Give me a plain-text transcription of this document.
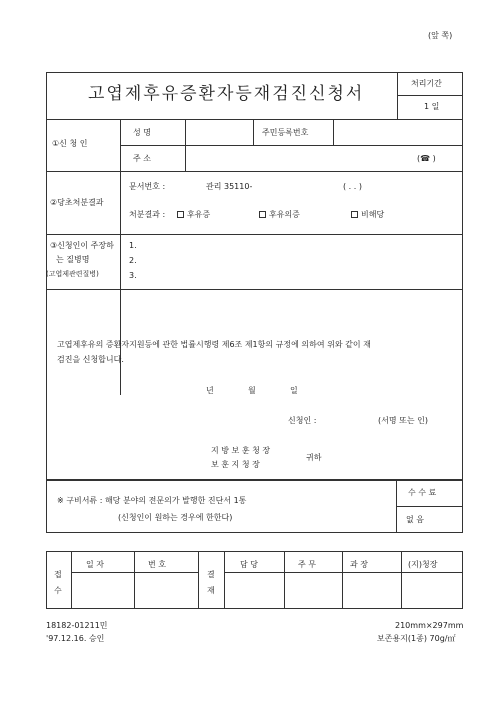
(앞 쪽)
고엽제후유증환자등재검진신청서
처리기간
1 일
①신 청 인
성 명	주민등록번호
주 소	(☎ )
②당초처분결과
문서번호 :	관리 35110-	( . . )
처분결과 :	후유증	후유의증	비해당
③신청인이 주장하
는 질병명
(고엽제관련질병)
1.
2.
3.
고엽제후유의 증환자지원등에 관한 법률시행령 제6조 제1항의 규정에 의하여 위와 같이 재
검진을 신청합니다.
년	월	일
신청인 :	(서명 또는 인)
지 방 보 훈 청 장
보 훈 지 청 장
귀하
※ 구비서류 : 해당 분야의 전문의가 발행한 진단서 1통
(신청인이 원하는 경우에 한한다)
수 수 료
없 음
접
수
일 자	번 호
결
재
담 당	주 무	과 장	(지)청장
18182-01211민
'97.12.16. 승인
210mm×297mm
보존용지(1종) 70g/㎡
